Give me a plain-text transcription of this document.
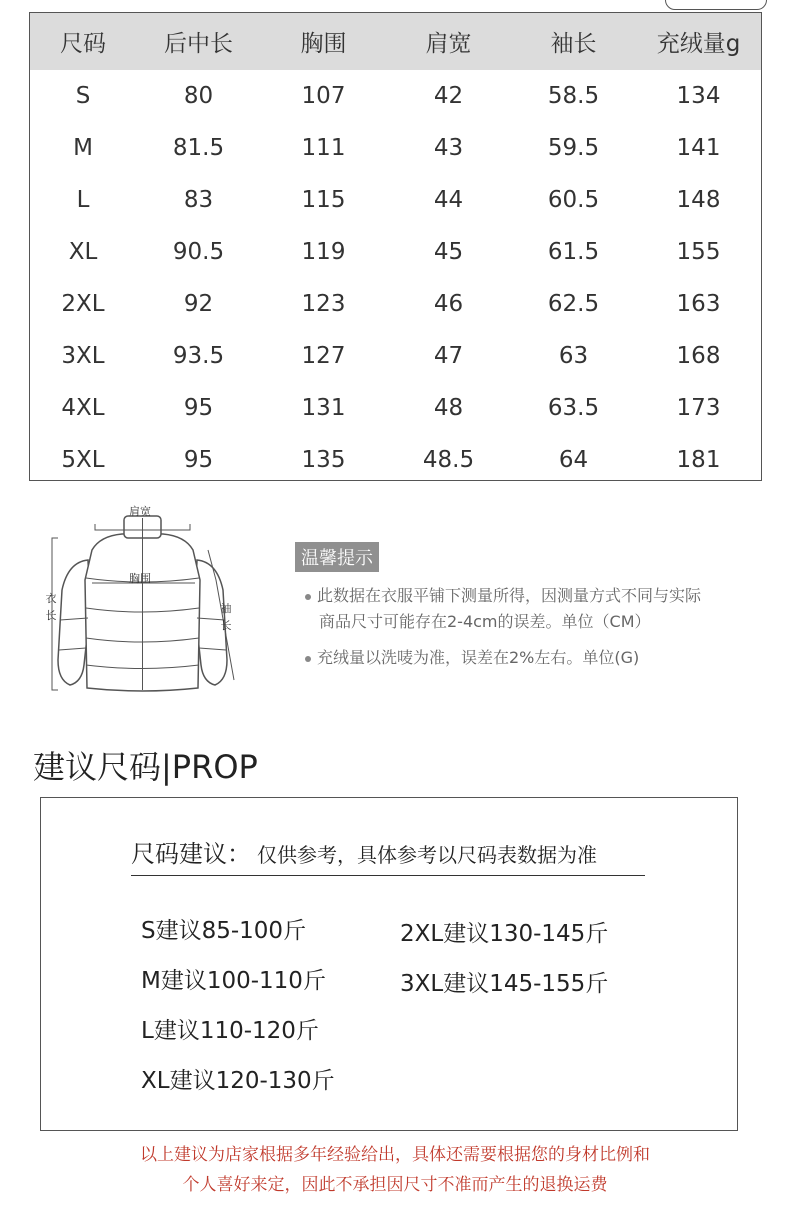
尺码	后中长	胸围	肩宽	袖长	充绒量g
S	80	107	42	58.5	134
M	81.5	111	43	59.5	141
L	83	115	44	60.5	148
XL	90.5	119	45	61.5	155
2XL	92	123	46	62.5	163
3XL	93.5	127	47	63	168
4XL	95	131	48	63.5	173
5XL	95	135	48.5	64	181
肩宽
胸围
衣
长
袖
长
温馨提示
此数据在衣服平铺下测量所得，因测量方式不同与实际
商品尺寸可能存在2-4cm的误差。单位（CM）
充绒量以洗唛为准，误差在2%左右。单位(G)
建议尺码|PROP
尺码建议： 仅供参考，具体参考以尺码表数据为准
S建议85-100斤
M建议100-110斤
L建议110-120斤
XL建议120-130斤
2XL建议130-145斤
3XL建议145-155斤
以上建议为店家根据多年经验给出，具体还需要根据您的身材比例和
个人喜好来定，因此不承担因尺寸不准而产生的退换运费
